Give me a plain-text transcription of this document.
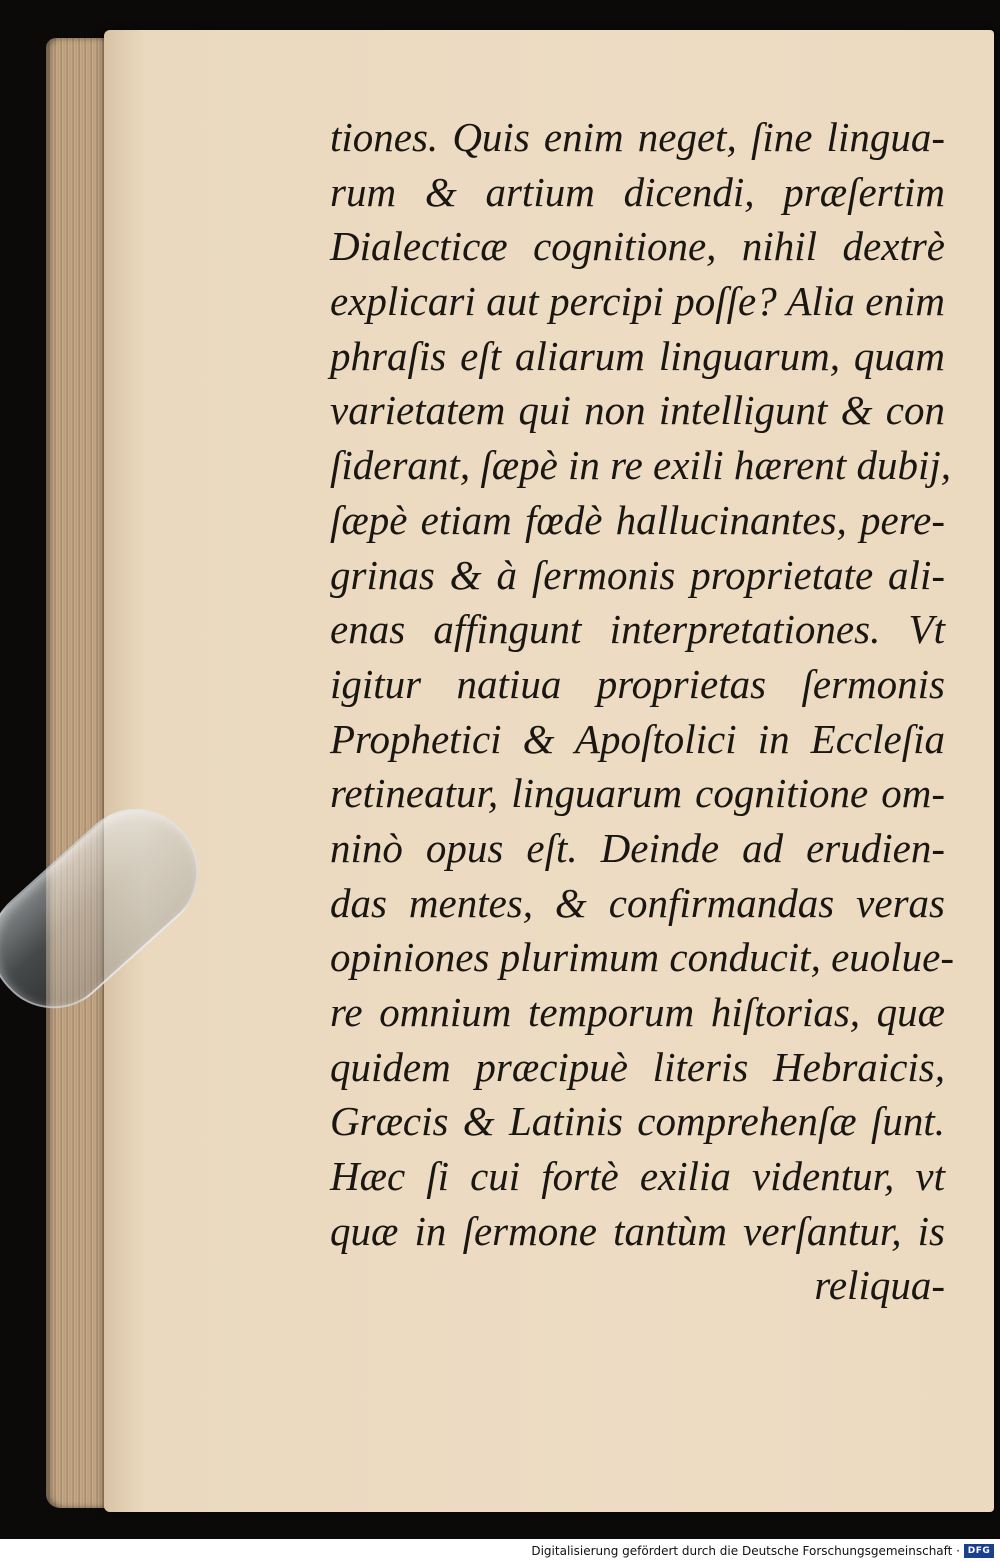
tiones. Quis enim neget, ſine lingua-
rum & artium dicendi, præſertim
Dialecticæ cognitione, nihil dextrè
explicari aut percipi poſſe? Alia enim
phraſis eſt aliarum linguarum, quam
varietatem qui non intelligunt & con
ſiderant, ſæpè in re exili hærent dubij,
ſæpè etiam fœdè hallucinantes, pere-
grinas & à ſermonis proprietate ali-
enas affingunt interpretationes. Vt
igitur natiua proprietas ſermonis
Prophetici & Apoſtolici in Eccleſia
retineatur, linguarum cognitione om-
ninò opus eſt. Deinde ad erudien-
das mentes, & confirmandas veras
opiniones plurimum conducit, euolue-
re omnium temporum hiſtorias, quæ
quidem præcipuè literis Hebraicis,
Græcis & Latinis comprehenſæ ſunt.
Hæc ſi cui fortè exilia videntur, vt
quæ in ſermone tantùm verſantur, is
reliqua-
Digitalisierung gefördert durch die Deutsche Forschungsgemeinschaft · DFG
